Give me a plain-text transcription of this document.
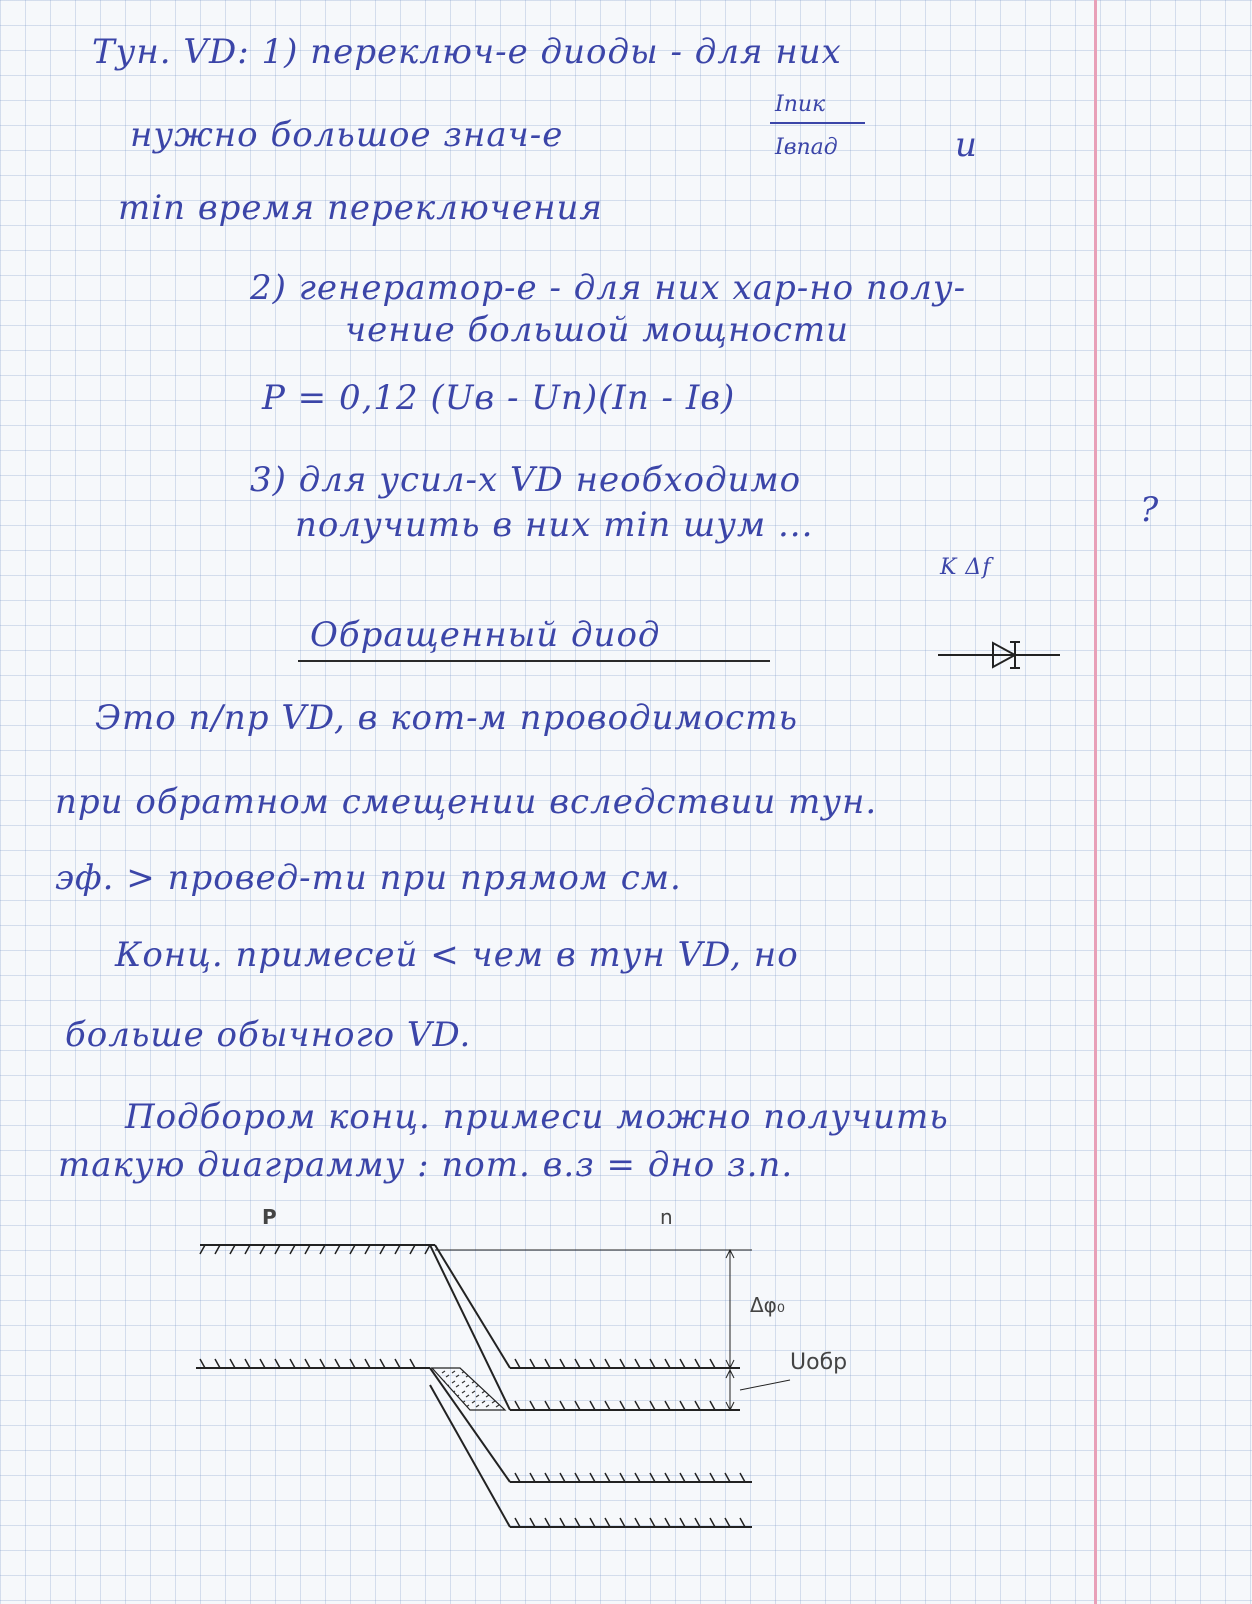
Тун. VD: 1) переключ-е диоды - для них
нужно большое знач-е
Iпик
Iвпад	и
min время переключения
2) генератор-е - для них хар-но полу-
чение большой мощности
P = 0,12 (Uв - Uп)(Iп - Iв)
3) для усил-х VD необходимо
получить в них min шум ...	?
K Δf
Обращенный диод
Это п/пр VD, в кот-м проводимость
при обратном смещении вследствии тун.
эф. > провед-ти при прямом см.
Конц. примесей < чем в тун VD, но
больше обычного VD.
Подбором конц. примеси можно получить
такую диаграмму : пот. в.з = дно з.п.
P	n
Δφ₀
Uобр
